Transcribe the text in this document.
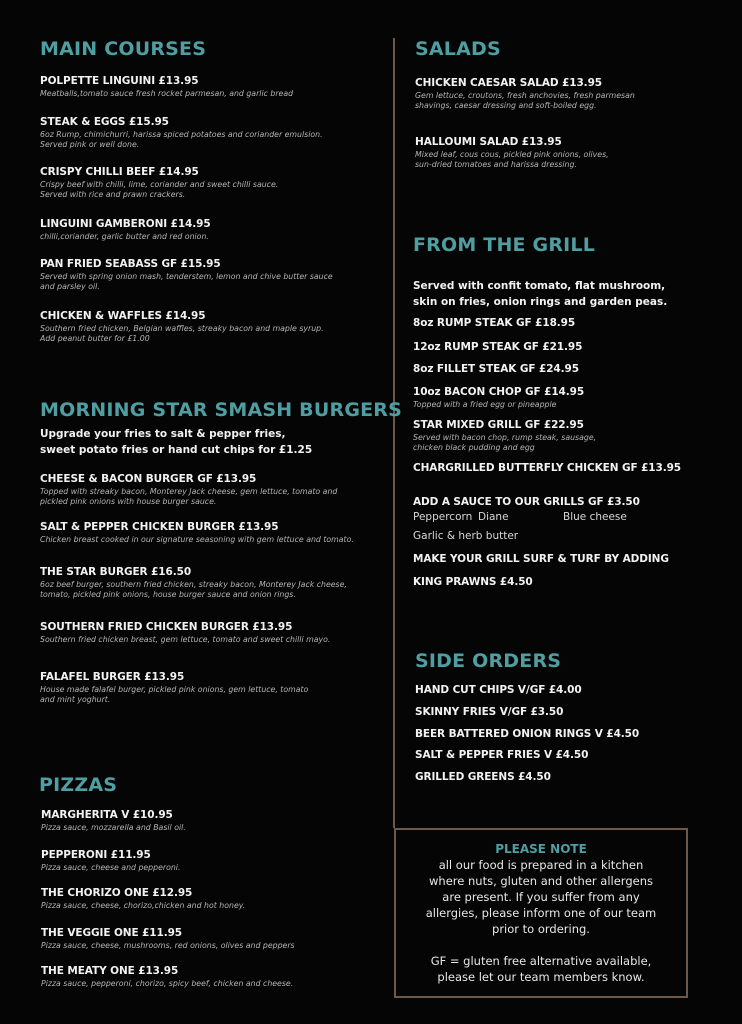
MAIN COURSES
POLPETTE LINGUINI £13.95
Meatballs,tomato sauce fresh rocket parmesan, and garlic bread
STEAK & EGGS £15.95
6oz Rump, chimichurri, harissa spiced potatoes and coriander emulsion.
Served pink or well done.
CRISPY CHILLI BEEF £14.95
Crispy beef with chilli, lime, coriander and sweet chilli sauce.
Served with rice and prawn crackers.
LINGUINI GAMBERONI £14.95
chilli,coriander, garlic butter and red onion.
PAN FRIED SEABASS GF £15.95
Served with spring onion mash, tenderstem, lemon and chive butter sauce
and parsley oil.
CHICKEN & WAFFLES £14.95
Southern fried chicken, Belgian waffles, streaky bacon and maple syrup.
Add peanut butter for £1.00
MORNING STAR SMASH BURGERS
Upgrade your fries to salt & pepper fries,
sweet potato fries or hand cut chips for £1.25
CHEESE & BACON BURGER GF £13.95
Topped with streaky bacon, Monterey Jack cheese, gem lettuce, tomato and
pickled pink onions with house burger sauce.
SALT & PEPPER CHICKEN BURGER £13.95
Chicken breast cooked in our signature seasoning with gem lettuce and tomato.
THE STAR BURGER £16.50
6oz beef burger, southern fried chicken, streaky bacon, Monterey Jack cheese,
tomato, pickled pink onions, house burger sauce and onion rings.
SOUTHERN FRIED CHICKEN BURGER £13.95
Southern fried chicken breast, gem lettuce, tomato and sweet chilli mayo.
FALAFEL BURGER £13.95
House made falafel burger, pickled pink onions, gem lettuce, tomato
and mint yoghurt.
PIZZAS
MARGHERITA V £10.95
Pizza sauce, mozzarella and Basil oil.
PEPPERONI £11.95
Pizza sauce, cheese and pepperoni.
THE CHORIZO ONE £12.95
Pizza sauce, cheese, chorizo,chicken and hot honey.
THE VEGGIE ONE £11.95
Pizza sauce, cheese, mushrooms, red onions, olives and peppers
THE MEATY ONE £13.95
Pizza sauce, pepperoni, chorizo, spicy beef, chicken and cheese.
SALADS
CHICKEN CAESAR SALAD £13.95
Gem lettuce, croutons, fresh anchovies, fresh parmesan
shavings, caesar dressing and soft-boiled egg.
HALLOUMI SALAD £13.95
Mixed leaf, cous cous, pickled pink onions, olives,
sun-dried tomatoes and harissa dressing.
FROM THE GRILL
Served with confit tomato, flat mushroom,
skin on fries, onion rings and garden peas.
8oz RUMP STEAK GF £18.95
12oz RUMP STEAK GF £21.95
8oz FILLET STEAK GF £24.95
10oz BACON CHOP GF £14.95
Topped with a fried egg or pineapple
STAR MIXED GRILL GF £22.95
Served with bacon chop, rump steak, sausage,
chicken black pudding and egg
CHARGRILLED BUTTERFLY CHICKEN GF £13.95
ADD A SAUCE TO OUR GRILLS GF £3.50
Peppercorn Diane	Blue cheese
Garlic & herb butter
MAKE YOUR GRILL SURF & TURF BY ADDING
KING PRAWNS £4.50
SIDE ORDERS
HAND CUT CHIPS V/GF £4.00
SKINNY FRIES V/GF £3.50
BEER BATTERED ONION RINGS V £4.50
SALT & PEPPER FRIES V £4.50
GRILLED GREENS £4.50
PLEASE NOTE
all our food is prepared in a kitchen
where nuts, gluten and other allergens
are present. If you suffer from any
allergies, please inform one of our team
prior to ordering.
GF = gluten free alternative available,
please let our team members know.
